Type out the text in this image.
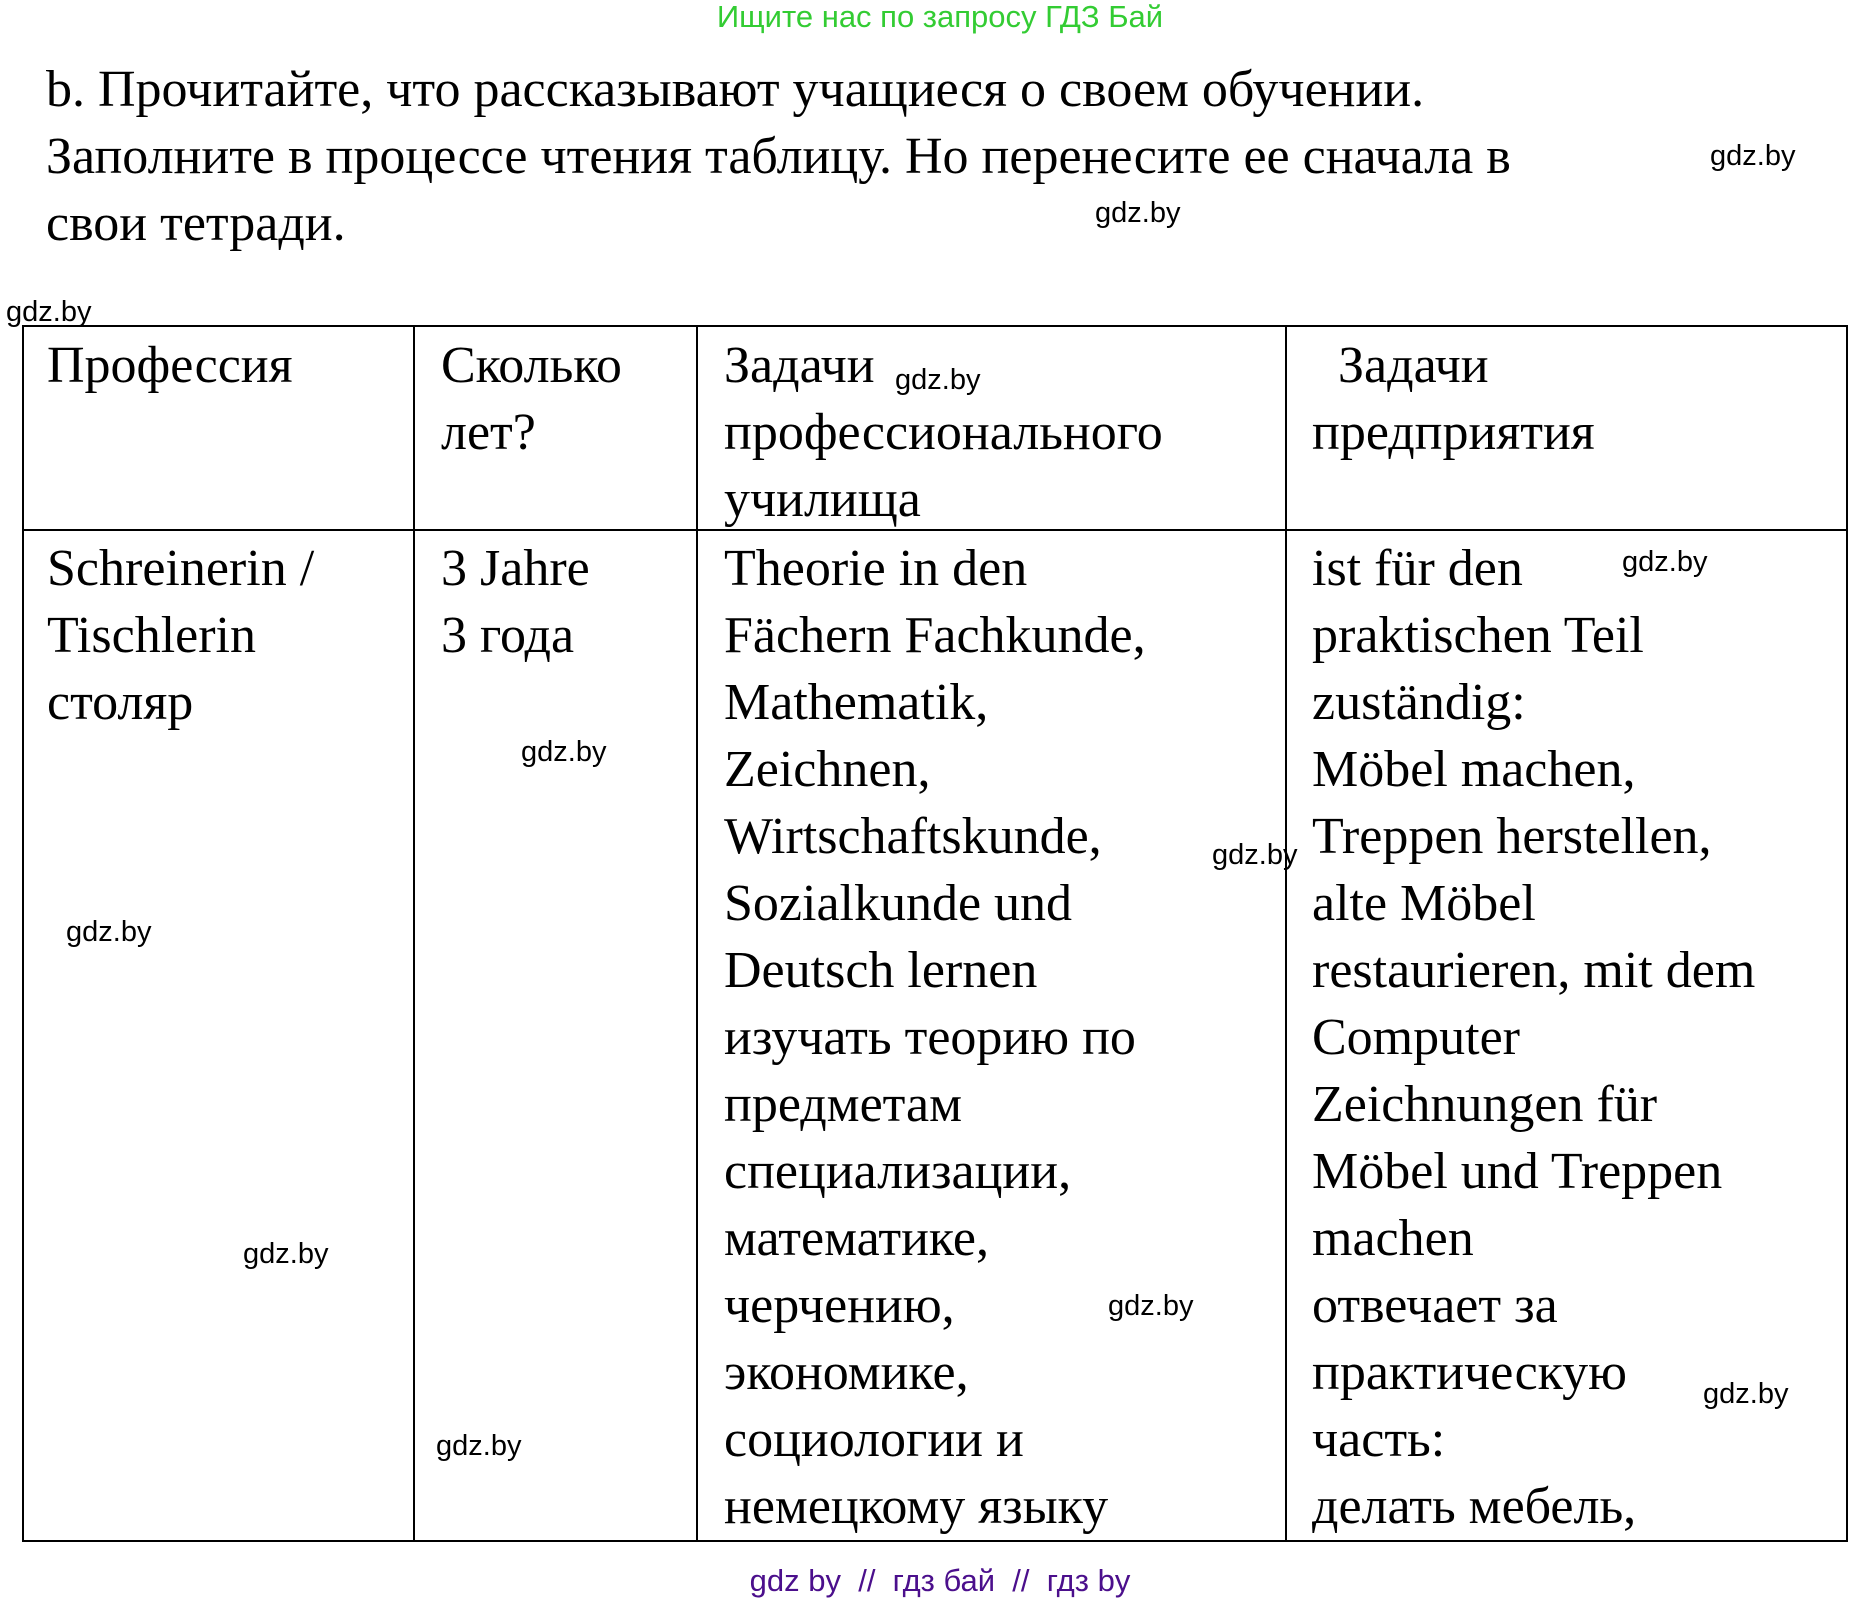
Ищите нас по запросу ГДЗ Бай
b. Прочитайте, что рассказывают учащиеся о своем обучении.
Заполните в процессе чтения таблицу. Но перенесите ее сначала в
свои тетради.
Профессия	Сколько
лет?
Задачи
профессионального
училища
Задачи
предприятия
Schreinerin /
Tischlerin
столяр
3 Jahre
3 года
Theorie in den
Fächern Fachkunde,
Mathematik,
Zeichnen,
Wirtschaftskunde,
Sozialkunde und
Deutsch lernen
изучать теорию по
предметам
специализации,
математике,
черчению,
экономике,
социологии и
немецкому языку
ist für den
praktischen Teil
zuständig:
Möbel machen,
Treppen herstellen,
alte Möbel
restaurieren, mit dem
Computer
Zeichnungen für
Möbel und Treppen
machen
отвечает за
практическую
часть:
делать мебель,
gdz.by
gdz.by
gdz.by
gdz.by
gdz.by
gdz.by
gdz.by
gdz.by
gdz.by
gdz.by
gdz.by
gdz.by
gdz by  //  гдз бай  //  гдз by
